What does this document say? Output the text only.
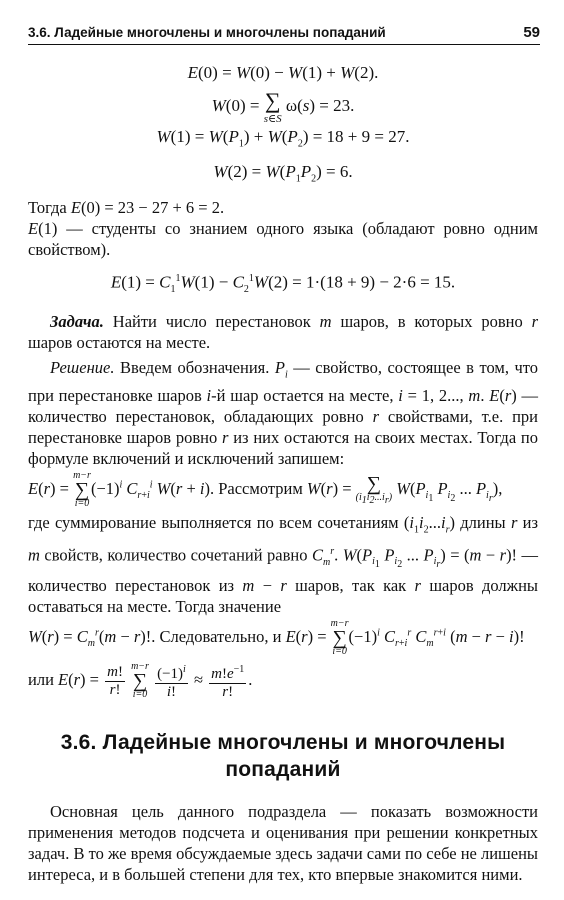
3.6. Ладейные многочлены и многочлены попаданий	59
E(0) = W(0) − W(1) + W(2).
W(0) = ∑
s∈S
ω(s) = 23.
$W(1) = W(P_1) + W(P_2) = 18 + 9 = 27$.
$W(2) = W(P_1P_2) = 6$.

Тогда E(0) = 23 − 27 + 6 = 2.

E(1) — студенты со знанием одного языка (обладают ровно одним свойством).

$E(1) = C_1^1W(1) - C_2^1W(2) = 1\cdot(18 + 9) - 2\cdot 6 = 15$.

Задача. Найти число перестановок m шаров, в которых ровно r шаров остаются на месте.

Решение. Введем обозначения. $P_i$ — свойство, состоящее в том, что при перестановке шаров i-й шар остается на месте, i = 1, 2..., m. E(r) — количество перестановок, обладающих ровно r свойствами, т.е. при перестановке шаров ровно r из них остаются на своих местах. Тогда по формуле включений и исключений запишем:

E(r) =
m−r
∑
i=0
$(-1)^i$ $C_{r+i}^i$ W(r + i). Рассмотрим W(r) = ∑
$(i_1i_2...i_r)$ $W(P_{i_1}$ $P_{i_2}$ ... $P_{i_r}$),

где суммирование выполняется по всем сочетаниям $(i_1i_2...i_r)$ длины r из m свойств, количество сочетаний равно $C_m^r$. $W(P_{i_1}$ $P_{i_2}$ ... $P_{i_r}) = (m - r)$! — количество перестановок из m − r шаров, так как r шаров должны оставаться на месте. Тогда значение

$W(r) = C_m^r(m - r)$!. Следовательно, и E(r) =
m−r
∑
i=0
$(-1)^i$ $C_{r+i}^r$ $C_m^{r+i}$ (m − r − i)!
или $E(r) = \frac{m!}{r!}$
m−r
∑
i=0
$\frac{(-1)^i}{i!} \approx \frac{m!e^{-1}}{r!}$ .
3.6. Ладейные многочлены и многочлены
попаданий

Основная цель данного подраздела — показать возможности применения методов подсчета и оценивания при решении конкретных задач. В то же время обсуждаемые здесь задачи сами по себе не лишены интереса, и в большей степени для тех, кто впервые знакомится ними.
